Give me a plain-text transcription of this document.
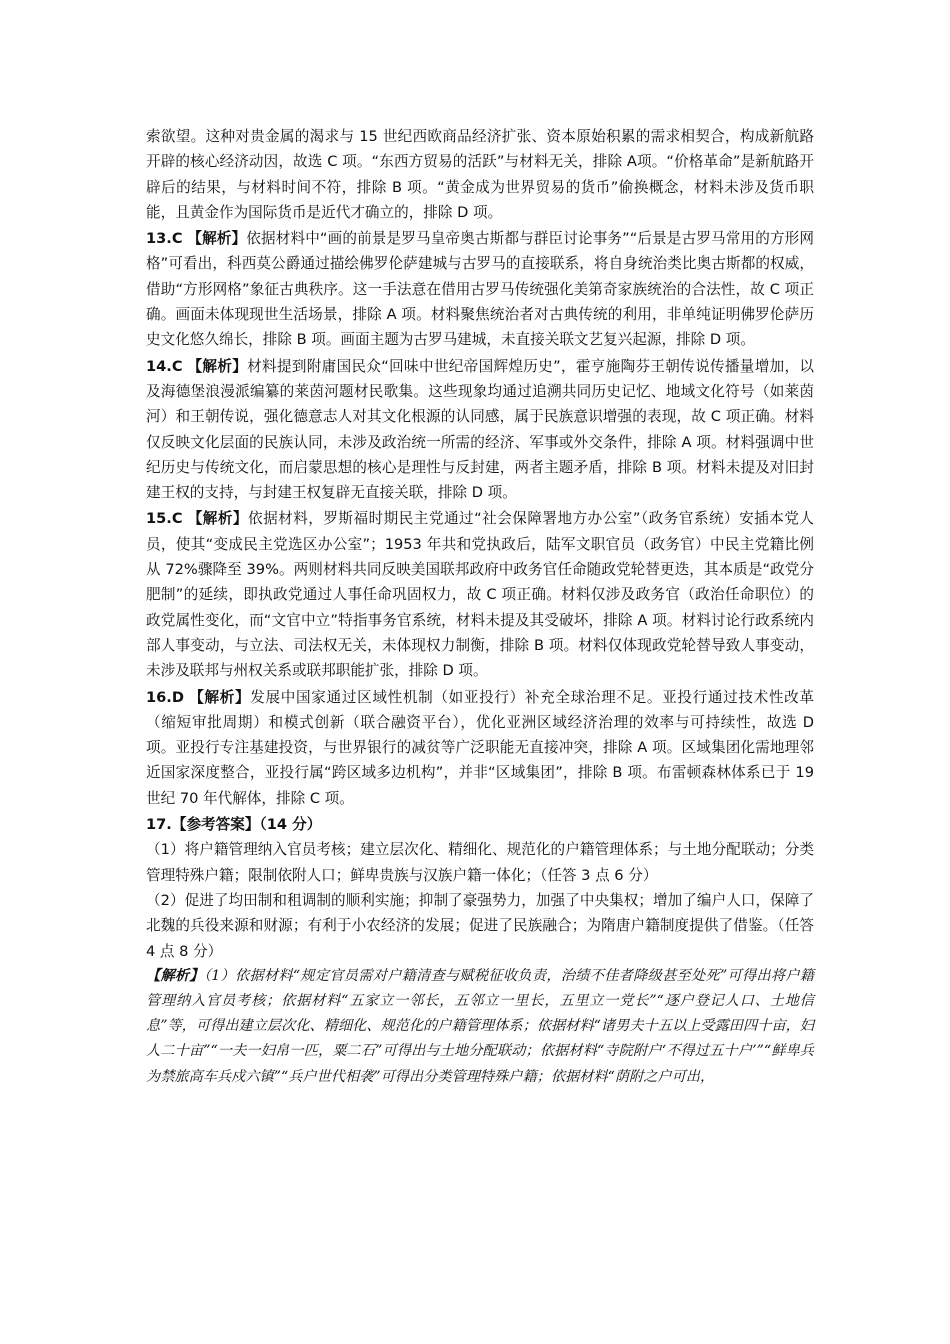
索欲望。这种对贵金属的渴求与 15 世纪西欧商品经济扩张、资本原始积累的需求相契合，构成新航路开辟的核心经济动因，故选 C 项。“东西方贸易的活跃”与材料无关，排除 A项。“价格革命”是新航路开辟后的结果，与材料时间不符，排除 B 项。“黄金成为世界贸易的货币”偷换概念，材料未涉及货币职能，且黄金作为国际货币是近代才确立的，排除 D 项。

13.C 【解析】依据材料中“画的前景是罗马皇帝奥古斯都与群臣讨论事务”“后景是古罗马常用的方形网格”可看出，科西莫公爵通过描绘佛罗伦萨建城与古罗马的直接联系，将自身统治类比奥古斯都的权威，借助“方形网格”象征古典秩序。这一手法意在借用古罗马传统强化美第奇家族统治的合法性，故 C 项正确。画面未体现现世生活场景，排除 A 项。材料聚焦统治者对古典传统的利用，非单纯证明佛罗伦萨历史文化悠久绵长，排除 B 项。画面主题为古罗马建城，未直接关联文艺复兴起源，排除 D 项。

14.C 【解析】材料提到附庸国民众“回味中世纪帝国辉煌历史”，霍亨施陶芬王朝传说传播量增加，以及海德堡浪漫派编纂的莱茵河题材民歌集。这些现象均通过追溯共同历史记忆、地域文化符号（如莱茵河）和王朝传说，强化德意志人对其文化根源的认同感，属于民族意识增强的表现，故 C 项正确。材料仅反映文化层面的民族认同，未涉及政治统一所需的经济、军事或外交条件，排除 A 项。材料强调中世纪历史与传统文化，而启蒙思想的核心是理性与反封建，两者主题矛盾，排除 B 项。材料未提及对旧封建王权的支持，与封建王权复辟无直接关联，排除 D 项。

15.C 【解析】依据材料，罗斯福时期民主党通过“社会保障署地方办公室”（政务官系统）安插本党人员，使其“变成民主党选区办公室”；1953 年共和党执政后，陆军文职官员（政务官）中民主党籍比例从 72%骤降至 39%。两则材料共同反映美国联邦政府中政务官任命随政党轮替更迭，其本质是“政党分肥制”的延续，即执政党通过人事任命巩固权力，故 C 项正确。材料仅涉及政务官（政治任命职位）的政党属性变化，而“文官中立”特指事务官系统，材料未提及其受破坏，排除 A 项。材料讨论行政系统内部人事变动，与立法、司法权无关，未体现权力制衡，排除 B 项。材料仅体现政党轮替导致人事变动，未涉及联邦与州权关系或联邦职能扩张，排除 D 项。

16.D 【解析】发展中国家通过区域性机制（如亚投行）补充全球治理不足。亚投行通过技术性改革（缩短审批周期）和模式创新（联合融资平台），优化亚洲区域经济治理的效率与可持续性，故选 D 项。亚投行专注基建投资，与世界银行的减贫等广泛职能无直接冲突，排除 A 项。区域集团化需地理邻近国家深度整合，亚投行属“跨区域多边机构”，并非“区域集团”，排除 B 项。布雷顿森林体系已于 19 世纪 70 年代解体，排除 C 项。

17.【参考答案】（14 分）

（1）将户籍管理纳入官员考核；建立层次化、精细化、规范化的户籍管理体系；与土地分配联动；分类管理特殊户籍；限制依附人口；鲜卑贵族与汉族户籍一体化；（任答 3 点 6 分）

（2）促进了均田制和租调制的顺利实施；抑制了豪强势力，加强了中央集权；增加了编户人口，保障了北魏的兵役来源和财源；有利于小农经济的发展；促进了民族融合；为隋唐户籍制度提供了借鉴。（任答 4 点 8 分）

【解析】（1）依据材料“规定官员需对户籍清查与赋税征收负责，治绩不佳者降级甚至处死”可得出将户籍管理纳入官员考核；依据材料“五家立一邻长，五邻立一里长，五里立一党长”“逐户登记人口、土地信息”等，可得出建立层次化、精细化、规范化的户籍管理体系；依据材料“诸男夫十五以上受露田四十亩，妇人二十亩”“一夫一妇帛一匹，粟二石”可得出与土地分配联动；依据材料“寺院附户‘不得过五十户’”“鲜卑兵为禁旅高车兵戍六镇”“兵户世代相袭”可得出分类管理特殊户籍；依据材料“荫附之户可出，
